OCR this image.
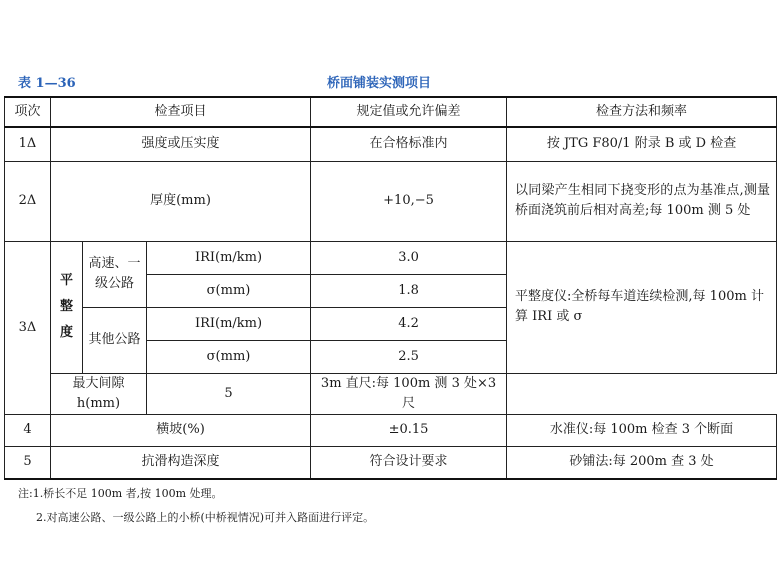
表 1—36	桥面铺装实测项目
项次	检查项目			规定值或允许偏差	检查方法和频率
1Δ	强度或压实度			在合格标准内	按 JTG F80/1 附录 B 或 D 检查
2Δ	厚度(mm)			+10,−5	以同梁产生相同下挠变形的点为基准点,测量桥面浇筑前后相对高差;每 100m 测 5 处
3Δ	平整度	高速、一级公路	IRI(m/km)	3.0	平整度仪:全桥每车道连续检测,每 100m 计算 IRI 或 σ
			σ(mm)	1.8	
		其他公路	IRI(m/km)	4.2	
			σ(mm)	2.5	
	最大间隙 h(mm)		5	3m 直尺:每 100m 测 3 处×3 尺	
4	横坡(%)			±0.15	水准仪:每 100m 检查 3 个断面
5	抗滑构造深度			符合设计要求	砂铺法:每 200m 查 3 处
注:1.桥长不足 100m 者,按 100m 处理。
2.对高速公路、一级公路上的小桥(中桥视情况)可并入路面进行评定。
